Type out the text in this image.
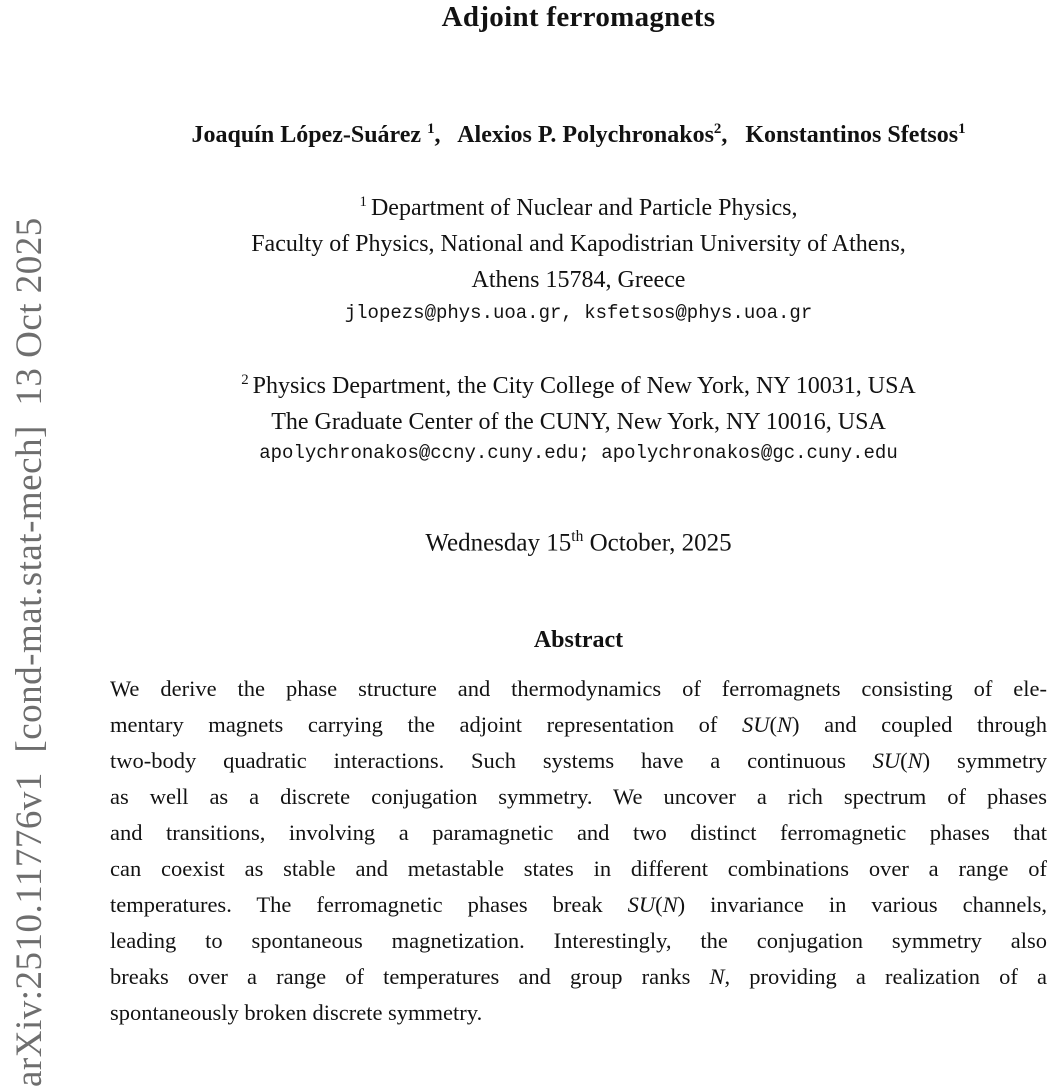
arXiv:2510.11776v1  [cond-mat.stat-mech]  13 Oct 2025
Adjoint ferromagnets
Joaquín López-Suárez $^1$,   Alexios P. Polychronakos$^2$,   Konstantinos Sfetsos$^1$
$^1$ Department of Nuclear and Particle Physics,
Faculty of Physics, National and Kapodistrian University of Athens,
Athens 15784, Greece
jlopezs@phys.uoa.gr, ksfetsos@phys.uoa.gr
$^2$ Physics Department, the City College of New York, NY 10031, USA
The Graduate Center of the CUNY, New York, NY 10016, USA
apolychronakos@ccny.cuny.edu; apolychronakos@gc.cuny.edu
Wednesday 15th October, 2025
Abstract
We derive the phase structure and thermodynamics of ferromagnets consisting of ele-
mentary magnets carrying the adjoint representation of SU(N) and coupled through
two-body quadratic interactions. Such systems have a continuous SU(N) symmetry
as well as a discrete conjugation symmetry. We uncover a rich spectrum of phases
and transitions, involving a paramagnetic and two distinct ferromagnetic phases that
can coexist as stable and metastable states in different combinations over a range of
temperatures. The ferromagnetic phases break SU(N) invariance in various channels,
leading to spontaneous magnetization. Interestingly, the conjugation symmetry also
breaks over a range of temperatures and group ranks N, providing a realization of a
spontaneously broken discrete symmetry.
